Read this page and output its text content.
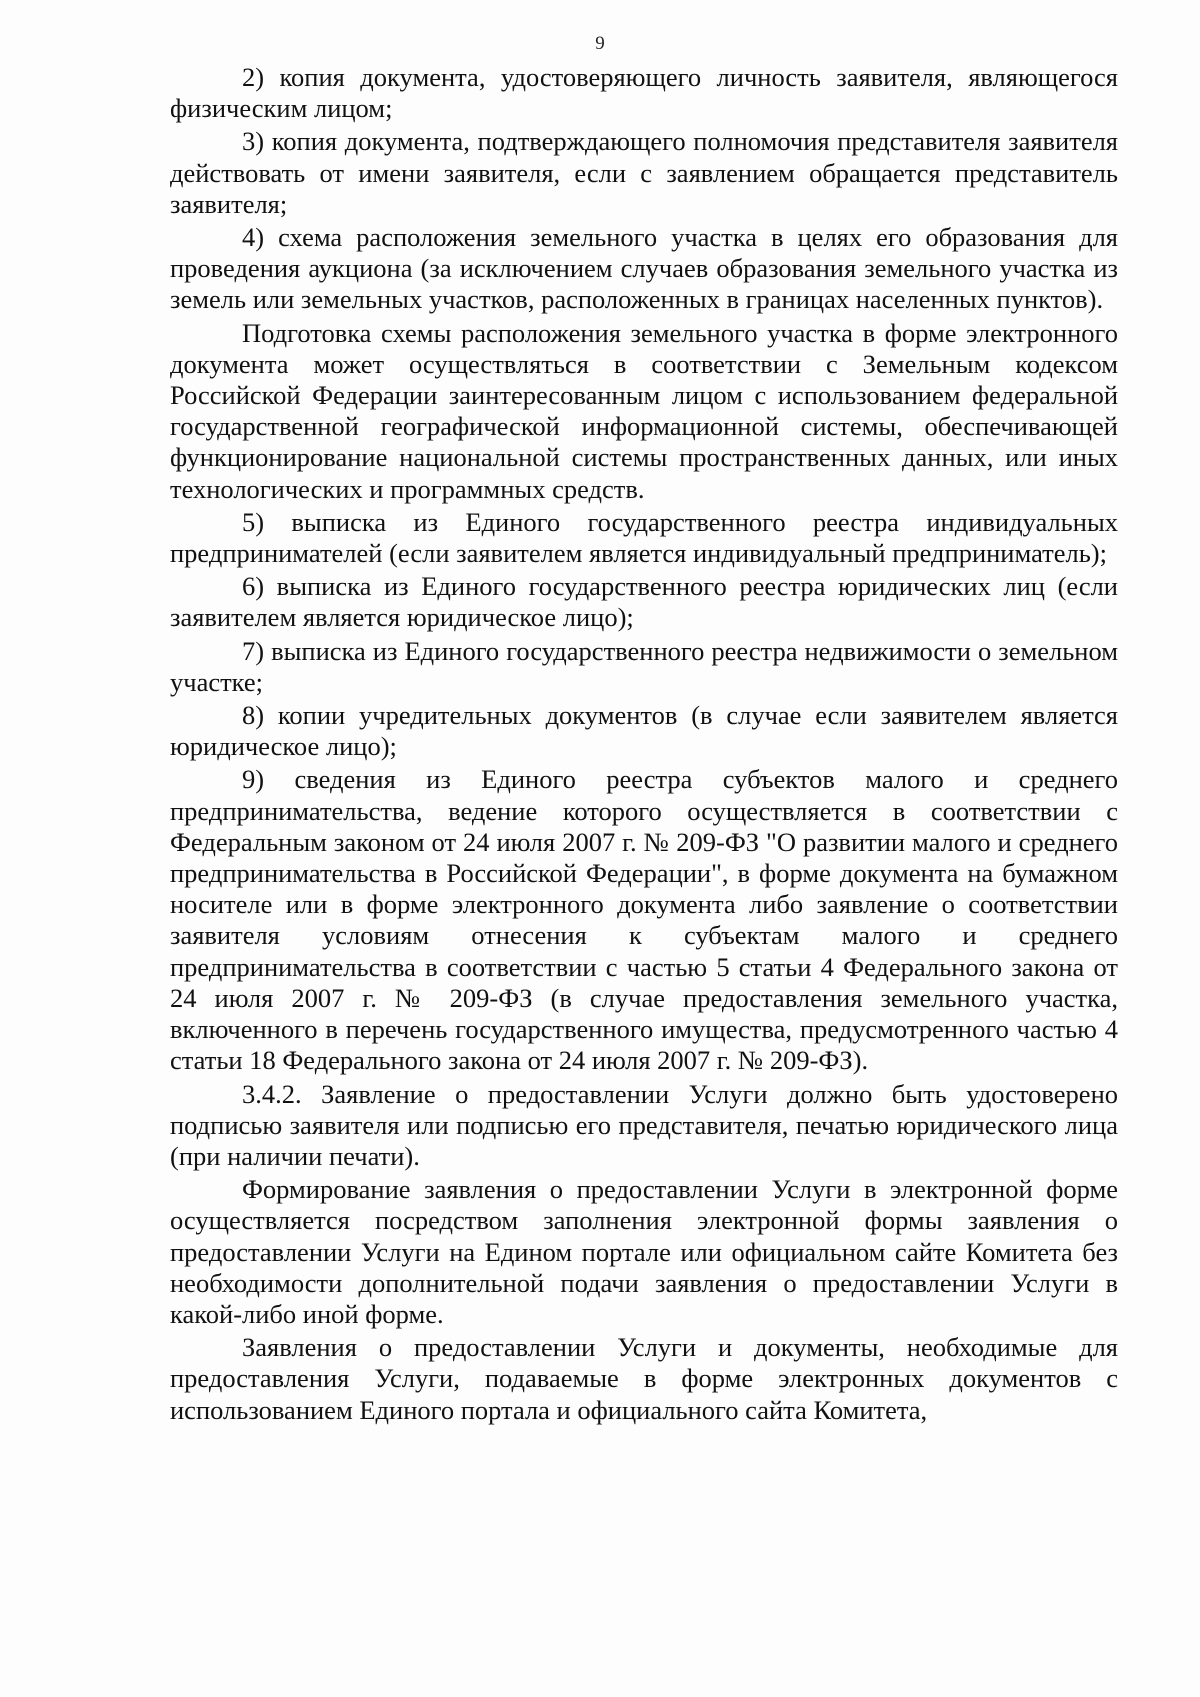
9

2) копия документа, удостоверяющего личность заявителя, являющегося физическим лицом;

3) копия документа, подтверждающего полномочия представителя заявителя действовать от имени заявителя, если с заявлением обращается представитель заявителя;

4) схема расположения земельного участка в целях его образования для проведения аукциона (за исключением случаев образования земельного участка из земель или земельных участков, расположенных в границах населенных пунктов).

Подготовка схемы расположения земельного участка в форме электронного документа может осуществляться в соответствии с Земельным кодексом Российской Федерации заинтересованным лицом с использованием федеральной государственной географической информационной системы, обеспечивающей функционирование национальной системы пространственных данных, или иных технологических и программных средств.

5) выписка из Единого государственного реестра индивидуальных предпринимателей (если заявителем является индивидуальный предприниматель);

6) выписка из Единого государственного реестра юридических лиц (если заявителем является юридическое лицо);

7) выписка из Единого государственного реестра недвижимости о земельном участке;

8) копии учредительных документов (в случае если заявителем является юридическое лицо);

9) сведения из Единого реестра субъектов малого и среднего предпринимательства, ведение которого осуществляется в соответствии с Федеральным законом от 24 июля 2007 г. № 209-ФЗ "О развитии малого и среднего предпринимательства в Российской Федерации", в форме документа на бумажном носителе или в форме электронного документа либо заявление о соответствии заявителя условиям отнесения к субъектам малого и среднего предпринимательства в соответствии с частью 5 статьи 4 Федерального закона от 24 июля 2007 г. № 209-ФЗ (в случае предоставления земельного участка, включенного в перечень государственного имущества, предусмотренного частью 4 статьи 18 Федерального закона от 24 июля 2007 г. № 209-ФЗ).

3.4.2. Заявление о предоставлении Услуги должно быть удостоверено подписью заявителя или подписью его представителя, печатью юридического лица (при наличии печати).

Формирование заявления о предоставлении Услуги в электронной форме осуществляется посредством заполнения электронной формы заявления о предоставлении Услуги на Едином портале или официальном сайте Комитета без необходимости дополнительной подачи заявления о предоставлении Услуги в какой-либо иной форме.

Заявления о предоставлении Услуги и документы, необходимые для предоставления Услуги, подаваемые в форме электронных документов с использованием Единого портала и официального сайта Комитета,
